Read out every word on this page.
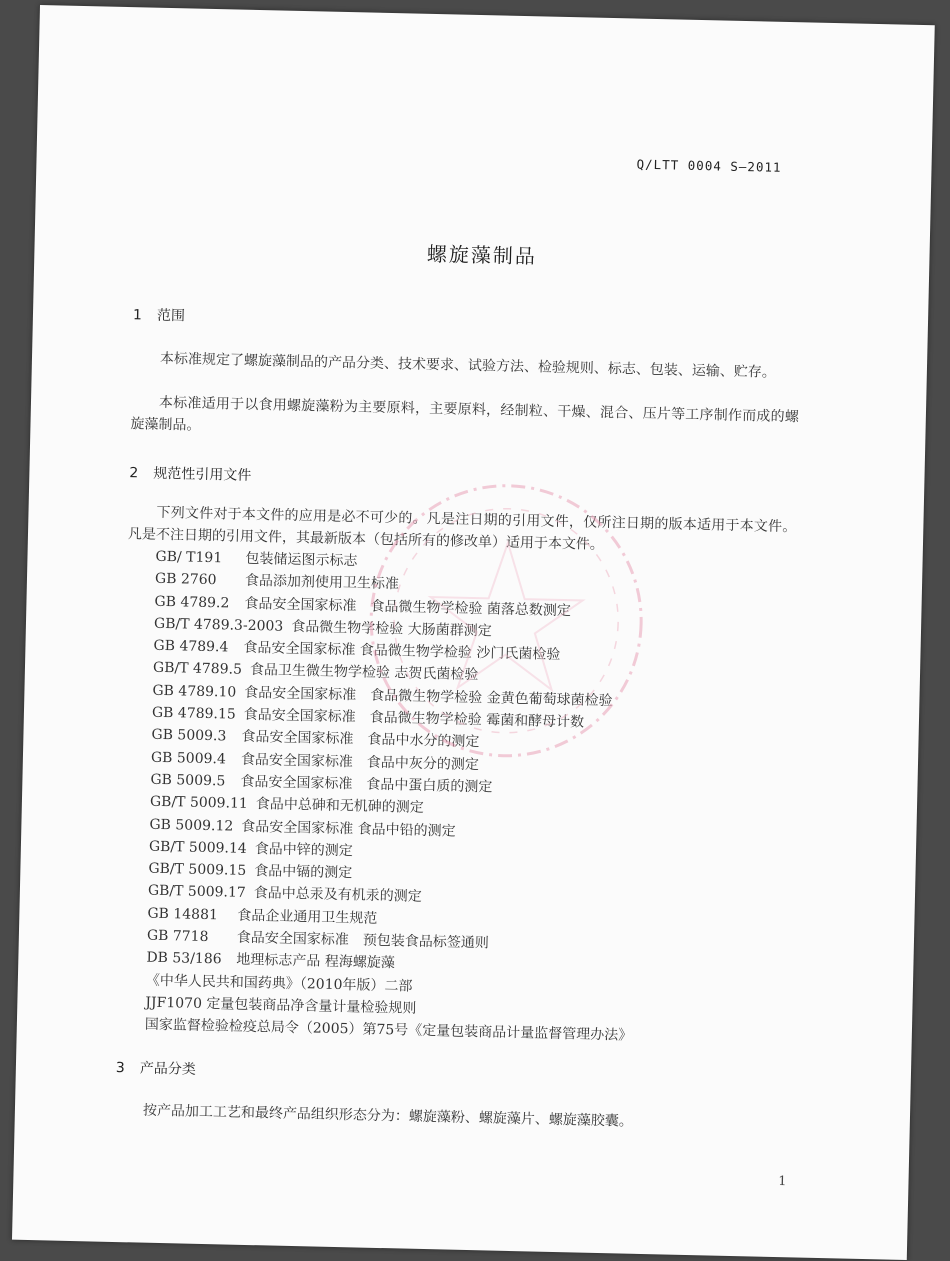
Q/LTT 0004 S—2011
螺旋藻制品
1 范围

本标准规定了螺旋藻制品的产品分类、技术要求、试验方法、检验规则、标志、包装、运输、贮存。

本标准适用于以食用螺旋藻粉为主要原料，主要原料，经制粒、干燥、混合、压片等工序制作而成的螺旋藻制品。

2 规范性引用文件

下列文件对于本文件的应用是必不可少的。凡是注日期的引用文件，仅所注日期的版本适用于本文件。凡是不注日期的引用文件，其最新版本（包括所有的修改单）适用于本文件。

GB/ T191 包装储运图示标志
GB 2760 食品添加剂使用卫生标准
GB 4789.2 食品安全国家标准　食品微生物学检验 菌落总数测定
GB/T 4789.3-2003 食品微生物学检验 大肠菌群测定
GB 4789.4 食品安全国家标准 食品微生物学检验 沙门氏菌检验
GB/T 4789.5 食品卫生微生物学检验 志贺氏菌检验
GB 4789.10 食品安全国家标准　食品微生物学检验 金黄色葡萄球菌检验
GB 4789.15 食品安全国家标准　食品微生物学检验 霉菌和酵母计数
GB 5009.3 食品安全国家标准　食品中水分的测定
GB 5009.4 食品安全国家标准　食品中灰分的测定
GB 5009.5 食品安全国家标准　食品中蛋白质的测定
GB/T 5009.11 食品中总砷和无机砷的测定
GB 5009.12 食品安全国家标准 食品中铅的测定
GB/T 5009.14 食品中锌的测定
GB/T 5009.15 食品中镉的测定
GB/T 5009.17 食品中总汞及有机汞的测定
GB 14881 食品企业通用卫生规范
GB 7718 食品安全国家标准　预包装食品标签通则
DB 53/186 地理标志产品 程海螺旋藻
《中华人民共和国药典》（2010年版）二部
JJF1070 定量包装商品净含量计量检验规则
国家监督检验检疫总局令（2005）第75号《定量包装商品计量监督管理办法》
3 产品分类

按产品加工工艺和最终产品组织形态分为：螺旋藻粉、螺旋藻片、螺旋藻胶囊。

1
